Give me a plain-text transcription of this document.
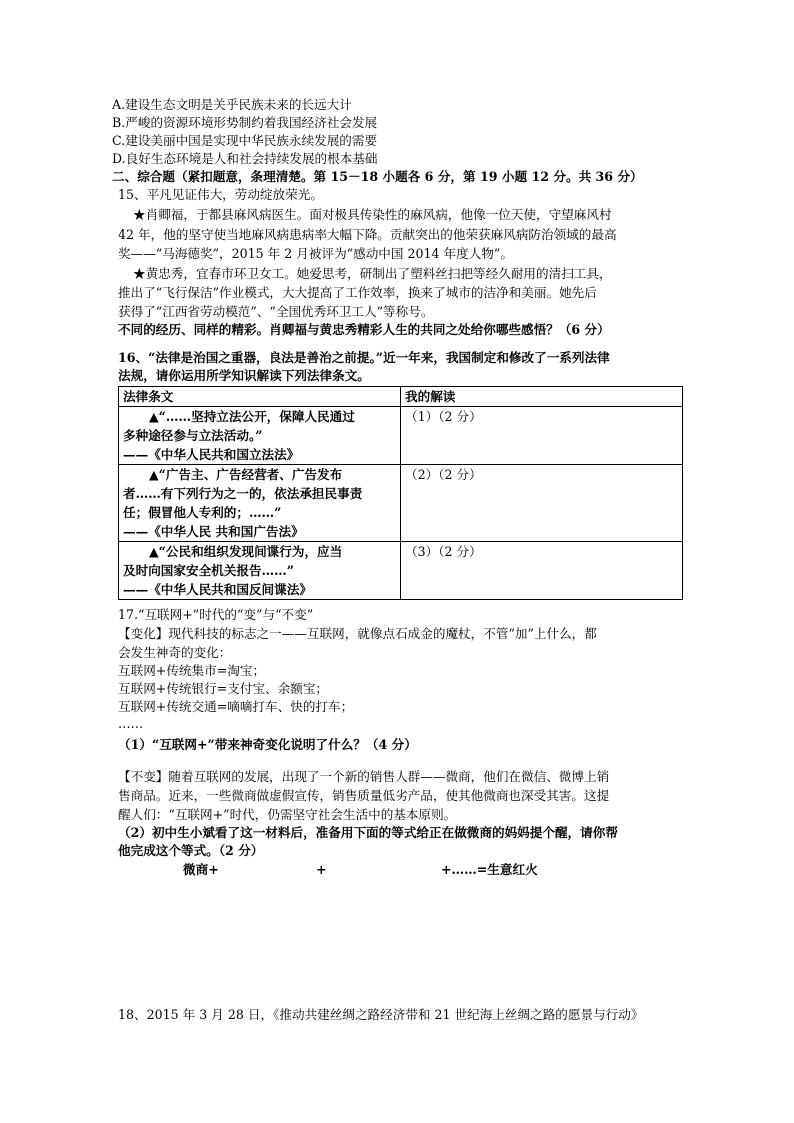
A.建设生态文明是关乎民族未来的长远大计
B.严峻的资源环境形势制约着我国经济社会发展
C.建设美丽中国是实现中华民族永续发展的需要
D.良好生态环境是人和社会持续发展的根本基础
二、综合题（紧扣题意，条理清楚。第 15－18 小题各 6 分，第 19 小题 12 分。共 36 分）
15、平凡见证伟大，劳动绽放荣光。
★肖卿福，于都县麻风病医生。面对极具传染性的麻风病，他像一位天使，守望麻风村
42 年，他的坚守使当地麻风病患病率大幅下降。贡献突出的他荣获麻风病防治领域的最高
奖——“马海德奖”，2015 年 2 月被评为“感动中国 2014 年度人物”。
★黄忠秀，宜春市环卫女工。她爱思考，研制出了塑料丝扫把等经久耐用的清扫工具，
推出了“飞行保洁”作业模式，大大提高了工作效率，换来了城市的洁净和美丽。她先后
获得了“江西省劳动模范”、“全国优秀环卫工人”等称号。
不同的经历、同样的精彩。肖卿福与黄忠秀精彩人生的共同之处给你哪些感悟？（6 分）
16、“法律是治国之重器，良法是善治之前提。”近一年来，我国制定和修改了一系列法律
法规，请你运用所学知识解读下列法律条文。
法律条文	我的解读

▲“……坚持立法公开，保障人民通过
多种途径参与立法活动。”
——《中华人民共和国立法法》	（1）（2 分）

▲“广告主、广告经营者、广告发布
者……有下列行为之一的，依法承担民事责
任；假冒他人专利的；……”
——《中华人民 共和国广告法》	（2）（2 分）

▲“公民和组织发现间谍行为，应当
及时向国家安全机关报告……”
——《中华人民共和国反间谍法》	（3）（2 分）
17.“互联网+”时代的“变”与“不变”
【变化】现代科技的标志之一——互联网，就像点石成金的魔杖，不管“加”上什么，都
会发生神奇的变化：
互联网+传统集市=淘宝；
互联网+传统银行=支付宝、余额宝；
互联网+传统交通=嘀嘀打车、快的打车；
……
（1）“互联网+”带来神奇变化说明了什么？（4 分）
【不变】随着互联网的发展，出现了一个新的销售人群——微商，他们在微信、微博上销
售商品。近来，一些微商做虚假宣传，销售质量低劣产品，使其他微商也深受其害。这提
醒人们：“互联网+”时代，仍需坚守社会生活中的基本原则。
（2）初中生小斌看了这一材料后，准备用下面的等式给正在做微商的妈妈提个醒，请你帮
他完成这个等式。（2 分）
微商+	+	+……=生意红火
18、2015 年 3 月 28 日，《推动共建丝绸之路经济带和 21 世纪海上丝绸之路的愿景与行动》
